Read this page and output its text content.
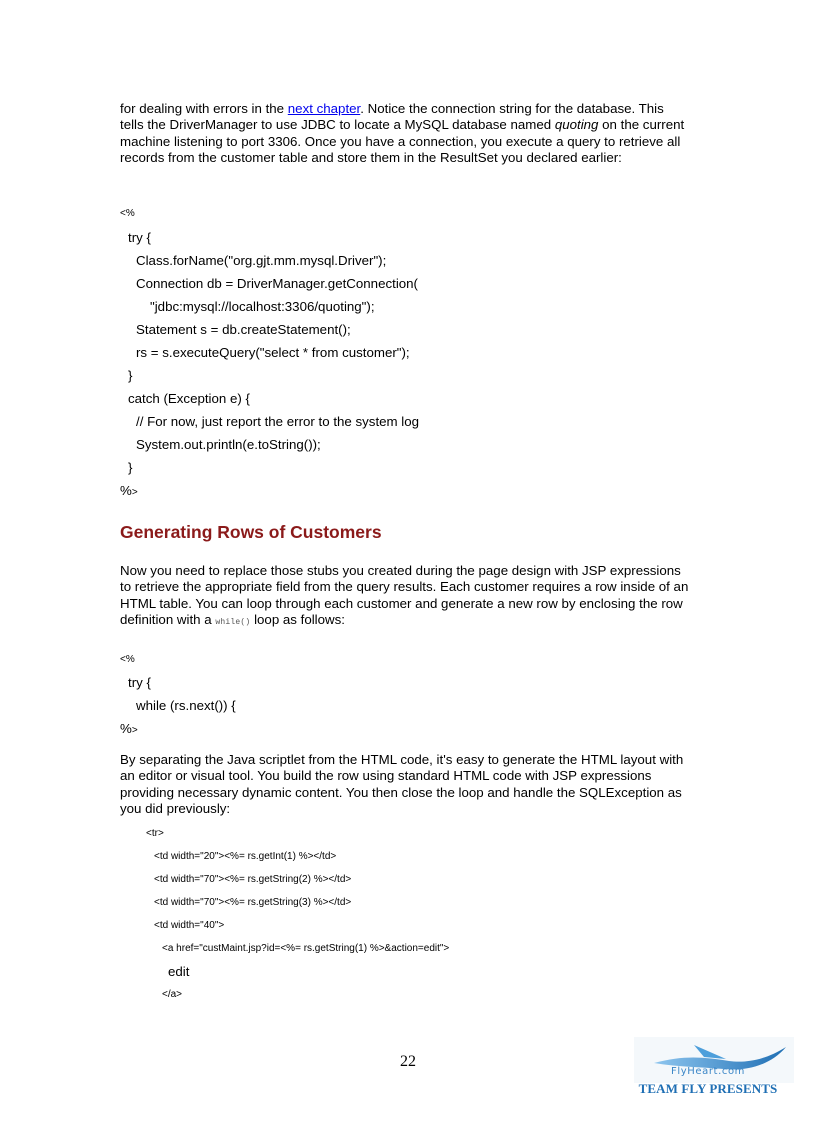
for dealing with errors in the next chapter. Notice the connection string for the database. This tells the DriverManager to use JDBC to locate a MySQL database named quoting on the current machine listening to port 3306. Once you have a connection, you execute a query to retrieve all records from the customer table and store them in the ResultSet you declared earlier:

<%

try {

Class.forName("org.gjt.mm.mysql.Driver");

Connection db = DriverManager.getConnection(

"jdbc:mysql://localhost:3306/quoting");

Statement s = db.createStatement();

rs = s.executeQuery("select * from customer");

}

catch (Exception e) {

// For now, just report the error to the system log

System.out.println(e.toString());

}

%>

Generating Rows of Customers

Now you need to replace those stubs you created during the page design with JSP expressions to retrieve the appropriate field from the query results. Each customer requires a row inside of an HTML table. You can loop through each customer and generate a new row by enclosing the row definition with a while() loop as follows:

<%

try {

while (rs.next()) {

%>

By separating the Java scriptlet from the HTML code, it's easy to generate the HTML layout with an editor or visual tool. You build the row using standard HTML code with JSP expressions providing necessary dynamic content. You then close the loop and handle the SQLException as you did previously:

<tr>

<td width="20"><%= rs.getInt(1) %></td>

<td width="70"><%= rs.getString(2) %></td>

<td width="70"><%= rs.getString(3) %></td>

<td width="40">

<a href="custMaint.jsp?id=<%= rs.getString(1) %>&action=edit">

edit

</a>

22

FlyHeart.com

TEAM FLY PRESENTS
